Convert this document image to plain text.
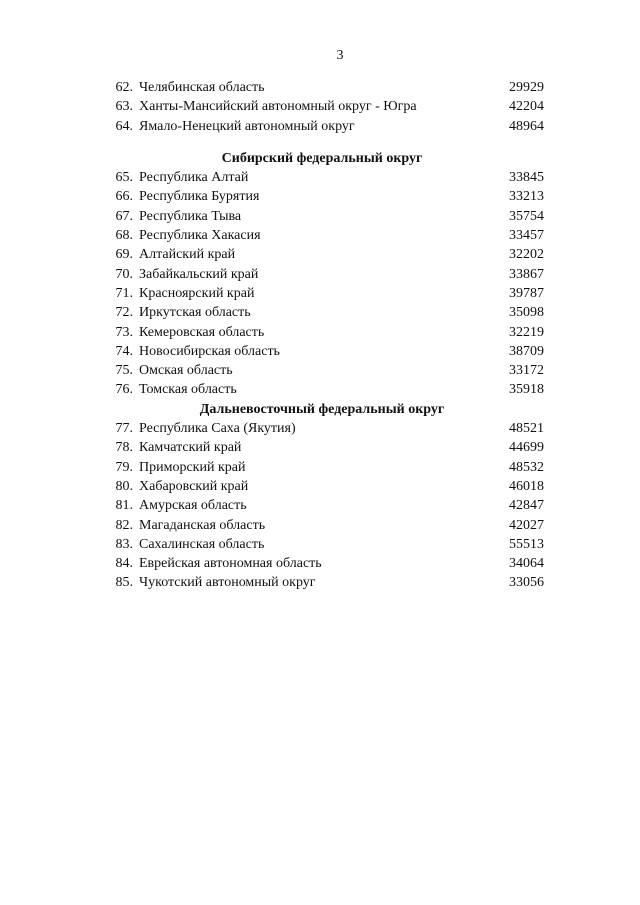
3
62. Челябинская область	29929
63. Ханты-Мансийский автономный округ - Югра	42204
64. Ямало-Ненецкий автономный округ	48964
Сибирский федеральный округ
65. Республика Алтай	33845
66. Республика Бурятия	33213
67. Республика Тыва	35754
68. Республика Хакасия	33457
69. Алтайский край	32202
70. Забайкальский край	33867
71. Красноярский край	39787
72. Иркутская область	35098
73. Кемеровская область	32219
74. Новосибирская область	38709
75. Омская область	33172
76. Томская область	35918
Дальневосточный федеральный округ
77. Республика Саха (Якутия)	48521
78. Камчатский край	44699
79. Приморский край	48532
80. Хабаровский край	46018
81. Амурская область	42847
82. Магаданская область	42027
83. Сахалинская область	55513
84. Еврейская автономная область	34064
85. Чукотский автономный округ	33056
